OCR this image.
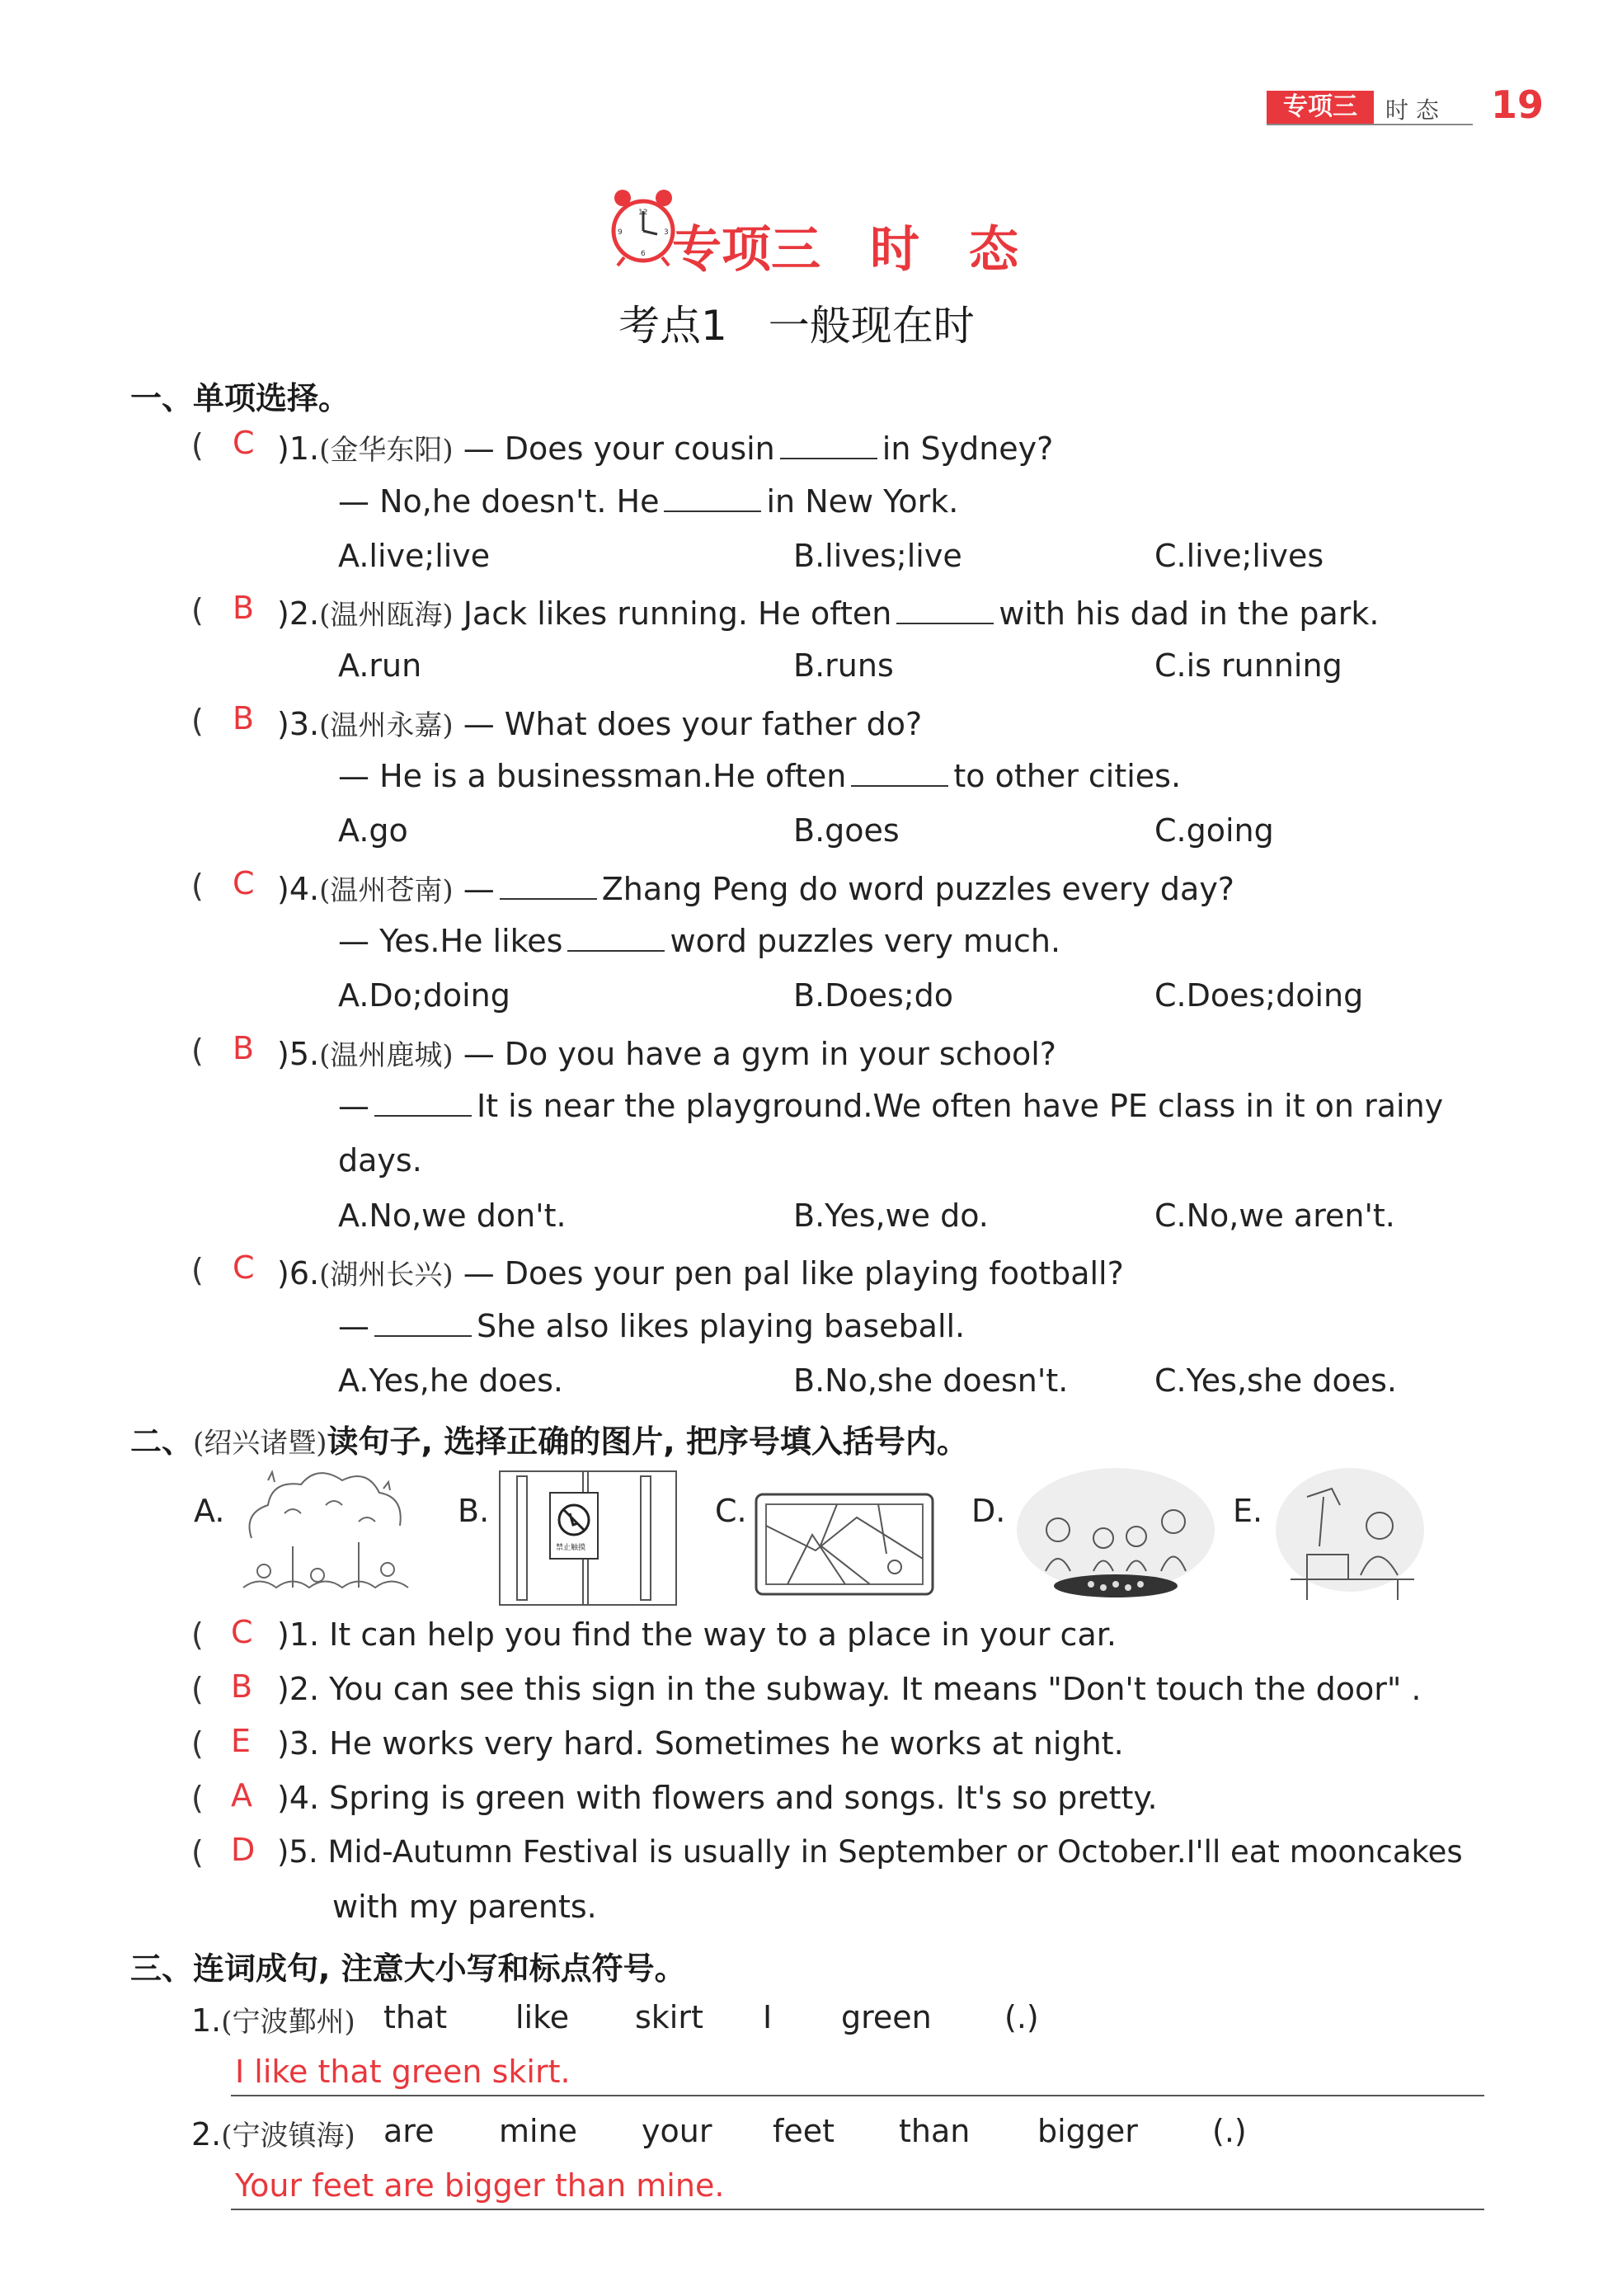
专项三	时 态 19
12
9	3
6 专项三　时　态
考点1　一般现在时
一、单项选择。
( C )1.(金华东阳) — Does your cousin	in Sydney?
— No,he doesn't. He	in New York.
A.live;live	B.lives;live	C.live;lives
( B )2.(温州瓯海) Jack likes running. He often	with his dad in the park.
A.run	B.runs	C.is running
( B )3.(温州永嘉) — What does your father do?
— He is a businessman.He often	to other cities.
A.go	B.goes	C.going
( C )4.(温州苍南) —	Zhang Peng do word puzzles every day?
— Yes.He likes	word puzzles very much.
A.Do;doing	B.Does;do	C.Does;doing
( B )5.(温州鹿城) — Do you have a gym in your school?
—	It is near the playground.We often have PE class in it on rainy
days.
A.No,we don't.	B.Yes,we do.	C.No,we aren't.
( C )6.(湖州长兴) — Does your pen pal like playing football?
—	She also likes playing baseball.
A.Yes,he does.	B.No,she doesn't.	C.Yes,she does.
二、(绍兴诸暨)读句子, 选择正确的图片, 把序号填入括号内。
A.	B.
禁止触摸
C.	D.	E.
( C )1. It can help you find the way to a place in your car.
( B )2. You can see this sign in the subway. It means "Don't touch the door" .
( E )3. He works very hard. Sometimes he works at night.
( A )4. Spring is green with flowers and songs. It's so pretty.
( D )5. Mid-Autumn Festival is usually in September or October.I'll eat mooncakes
with my parents.
三、连词成句, 注意大小写和标点符号。
1.(宁波鄞州) that like skirt I green (.)
I like that green skirt.
2.(宁波镇海) are mine your feet than bigger (.)
Your feet are bigger than mine.
